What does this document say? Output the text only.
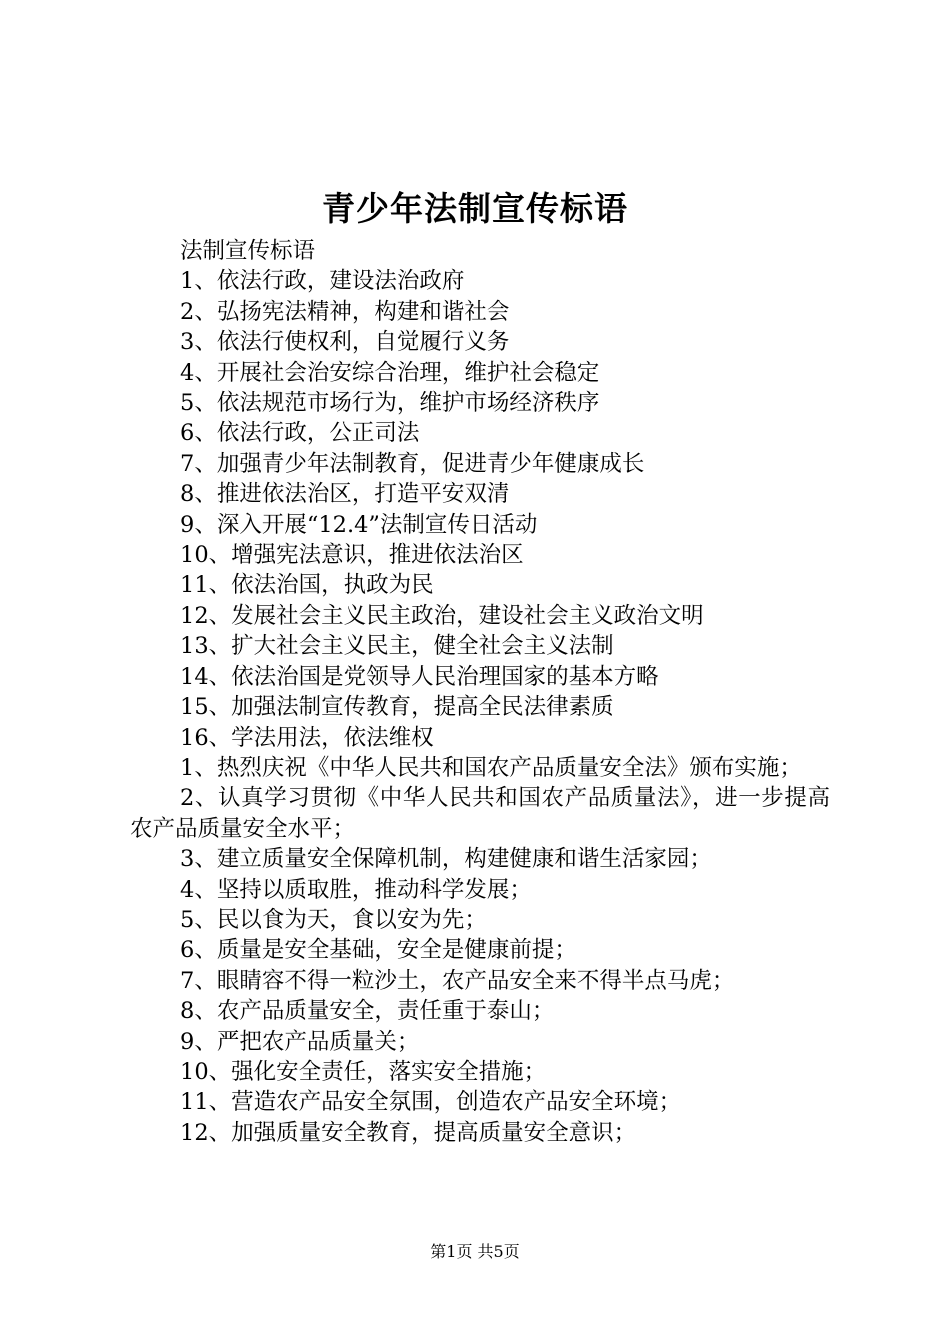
青少年法制宣传标语

法制宣传标语

1、依法行政，建设法治政府

2、弘扬宪法精神，构建和谐社会

3、依法行使权利，自觉履行义务

4、开展社会治安综合治理，维护社会稳定

5、依法规范市场行为，维护市场经济秩序

6、依法行政，公正司法

7、加强青少年法制教育，促进青少年健康成长

8、推进依法治区，打造平安双清

9、深入开展“12.4”法制宣传日活动

10、增强宪法意识，推进依法治区

11、依法治国，执政为民

12、发展社会主义民主政治，建设社会主义政治文明

13、扩大社会主义民主，健全社会主义法制

14、依法治国是党领导人民治理国家的基本方略

15、加强法制宣传教育，提高全民法律素质

16、学法用法，依法维权

1、热烈庆祝《中华人民共和国农产品质量安全法》颁布实施；

2、认真学习贯彻《中华人民共和国农产品质量法》，进一步提高农产品质量安全水平；

3、建立质量安全保障机制，构建健康和谐生活家园；

4、坚持以质取胜，推动科学发展；

5、民以食为天，食以安为先；

6、质量是安全基础，安全是健康前提；

7、眼睛容不得一粒沙土，农产品安全来不得半点马虎；

8、农产品质量安全，责任重于泰山；

9、严把农产品质量关；

10、强化安全责任，落实安全措施；

11、营造农产品安全氛围，创造农产品安全环境；

12、加强质量安全教育，提高质量安全意识；

第1页 共5页
